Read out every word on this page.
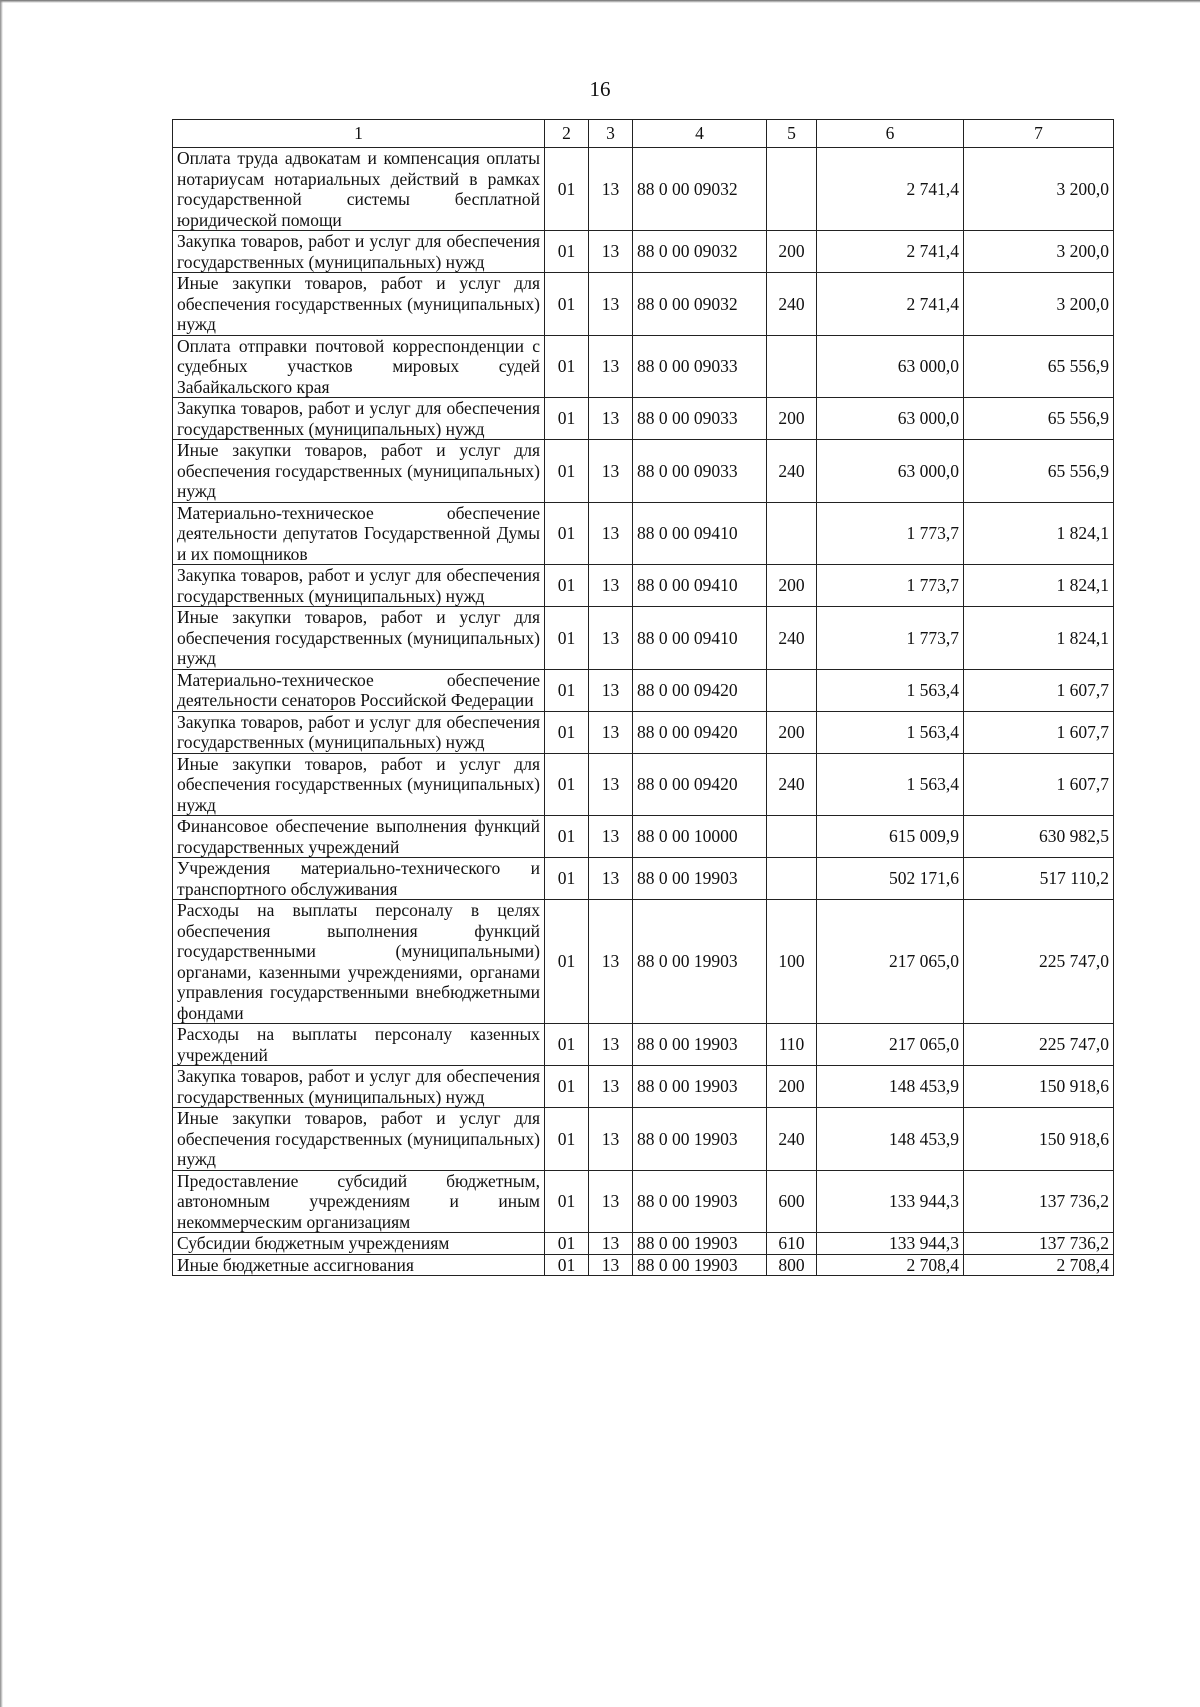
16
1	2	3	4	5	6	7
Оплата труда адвокатам и компенсация оплаты нотариусам нотариальных действий в рамках государственной системы бесплатной юридической помощи	01	13	88 0 00 09032		2 741,4	3 200,0
Закупка товаров, работ и услуг для обеспечения государственных (муниципальных) нужд	01	13	88 0 00 09032	200	2 741,4	3 200,0
Иные закупки товаров, работ и услуг для обеспечения государственных (муниципальных) нужд	01	13	88 0 00 09032	240	2 741,4	3 200,0
Оплата отправки почтовой корреспонденции с судебных участков мировых судей Забайкальского края	01	13	88 0 00 09033		63 000,0	65 556,9
Закупка товаров, работ и услуг для обеспечения государственных (муниципальных) нужд	01	13	88 0 00 09033	200	63 000,0	65 556,9
Иные закупки товаров, работ и услуг для обеспечения государственных (муниципальных) нужд	01	13	88 0 00 09033	240	63 000,0	65 556,9
Материально-техническое обеспечение деятельности депутатов Государственной Думы и их помощников	01	13	88 0 00 09410		1 773,7	1 824,1
Закупка товаров, работ и услуг для обеспечения государственных (муниципальных) нужд	01	13	88 0 00 09410	200	1 773,7	1 824,1
Иные закупки товаров, работ и услуг для обеспечения государственных (муниципальных) нужд	01	13	88 0 00 09410	240	1 773,7	1 824,1
Материально-техническое обеспечение деятельности сенаторов Российской Федерации	01	13	88 0 00 09420		1 563,4	1 607,7
Закупка товаров, работ и услуг для обеспечения государственных (муниципальных) нужд	01	13	88 0 00 09420	200	1 563,4	1 607,7
Иные закупки товаров, работ и услуг для обеспечения государственных (муниципальных) нужд	01	13	88 0 00 09420	240	1 563,4	1 607,7
Финансовое обеспечение выполнения функций государственных учреждений	01	13	88 0 00 10000		615 009,9	630 982,5
Учреждения материально-технического и транспортного обслуживания	01	13	88 0 00 19903		502 171,6	517 110,2
Расходы на выплаты персоналу в целях обеспечения выполнения функций государственными (муниципальными) органами, казенными учреждениями, органами управления государственными внебюджетными фондами	01	13	88 0 00 19903	100	217 065,0	225 747,0
Расходы на выплаты персоналу казенных учреждений	01	13	88 0 00 19903	110	217 065,0	225 747,0
Закупка товаров, работ и услуг для обеспечения государственных (муниципальных) нужд	01	13	88 0 00 19903	200	148 453,9	150 918,6
Иные закупки товаров, работ и услуг для обеспечения государственных (муниципальных) нужд	01	13	88 0 00 19903	240	148 453,9	150 918,6
Предоставление субсидий бюджетным, автономным учреждениям и иным некоммерческим организациям	01	13	88 0 00 19903	600	133 944,3	137 736,2
Субсидии бюджетным учреждениям	01	13	88 0 00 19903	610	133 944,3	137 736,2
Иные бюджетные ассигнования	01	13	88 0 00 19903	800	2 708,4	2 708,4
